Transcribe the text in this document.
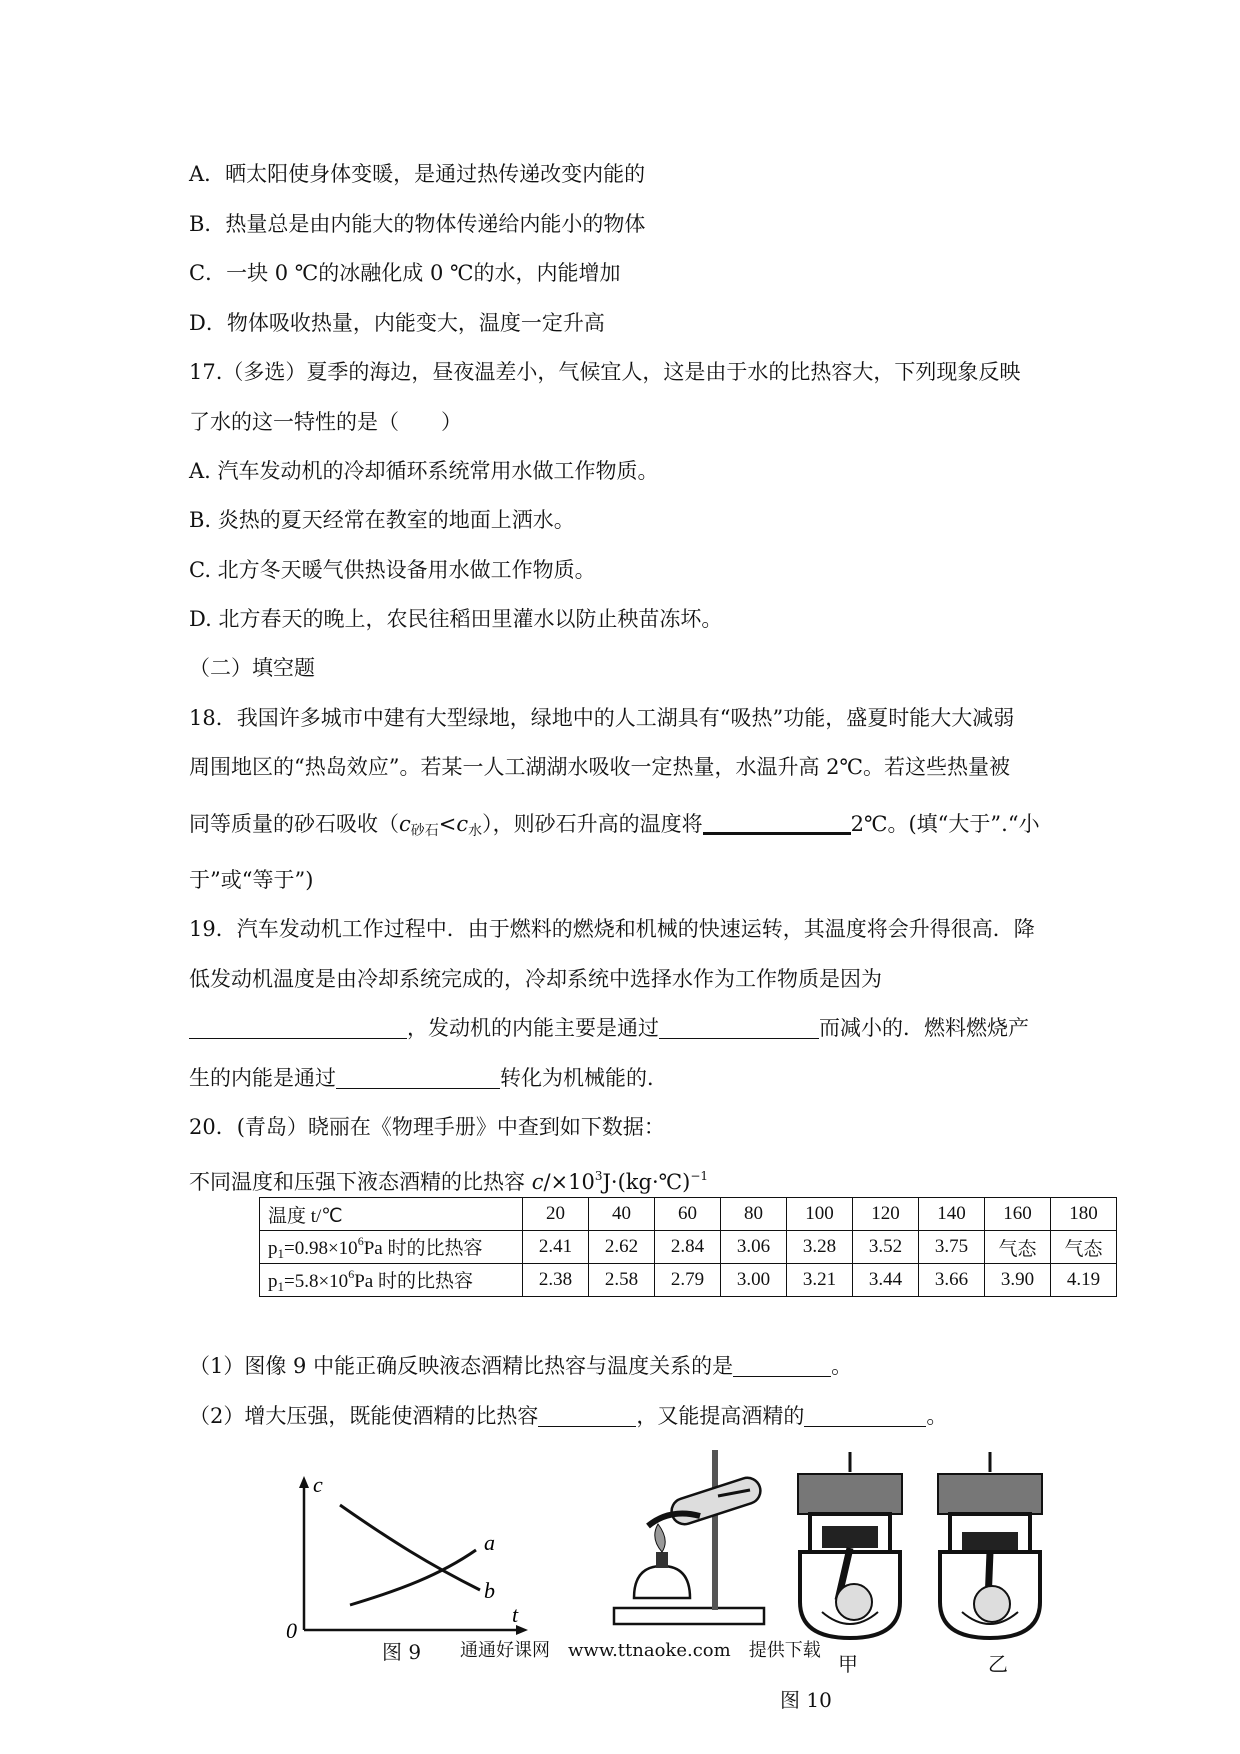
A．晒太阳使身体变暖，是通过热传递改变内能的
B．热量总是由内能大的物体传递给内能小的物体
C．一块 0 ℃的冰融化成 0 ℃的水，内能增加
D．物体吸收热量，内能变大，温度一定升高
17.（多选）夏季的海边，昼夜温差小，气候宜人，这是由于水的比热容大，下列现象反映
了水的这一特性的是（　　）
A. 汽车发动机的冷却循环系统常用水做工作物质。
B. 炎热的夏天经常在教室的地面上洒水。
C. 北方冬天暖气供热设备用水做工作物质。
D. 北方春天的晚上，农民往稻田里灌水以防止秧苗冻坏。
（二）填空题
18．我国许多城市中建有大型绿地，绿地中的人工湖具有“吸热”功能，盛夏时能大大减弱
周围地区的“热岛效应”。若某一人工湖湖水吸收一定热量，水温升高 2℃。若这些热量被
同等质量的砂石吸收$(c_{砂石}<c_水)$，则砂石升高的温度将	2℃。(填“大于”.“小
于”或“等于”)
19．汽车发动机工作过程中．由于燃料的燃烧和机械的快速运转，其温度将会升得很高．降
低发动机温度是由冷却系统完成的，冷却系统中选择水作为工作物质是因为
，发动机的内能主要是通过	而减小的．燃料燃烧产
生的内能是通过	转化为机械能的．
20．(青岛）晓丽在《物理手册》中查到如下数据：
不同温度和压强下液态酒精的比热容 $c/\times 10^3J\cdot(kg\cdot℃)^{-1}$
温度 t/℃	20	40	60	80	100	120	140	160	180
$p_1=0.98\times 10^6Pa$ 时的比热容	2.41	2.62	2.84	3.06	3.28	3.52	3.75	气态	气态
$p_1=5.8\times 10^6Pa$ 时的比热容	2.38	2.58	2.79	3.00	3.21	3.44	3.66	3.90	4.19
（1）图像 9 中能正确反映液态酒精比热容与温度关系的是	。
（2）增大压强，既能使酒精的比热容	，又能提高酒精的	。
c
t
0
a
b
图 9 通通好课网　www.ttnaoke.com　提供下载
甲	乙
图 10
